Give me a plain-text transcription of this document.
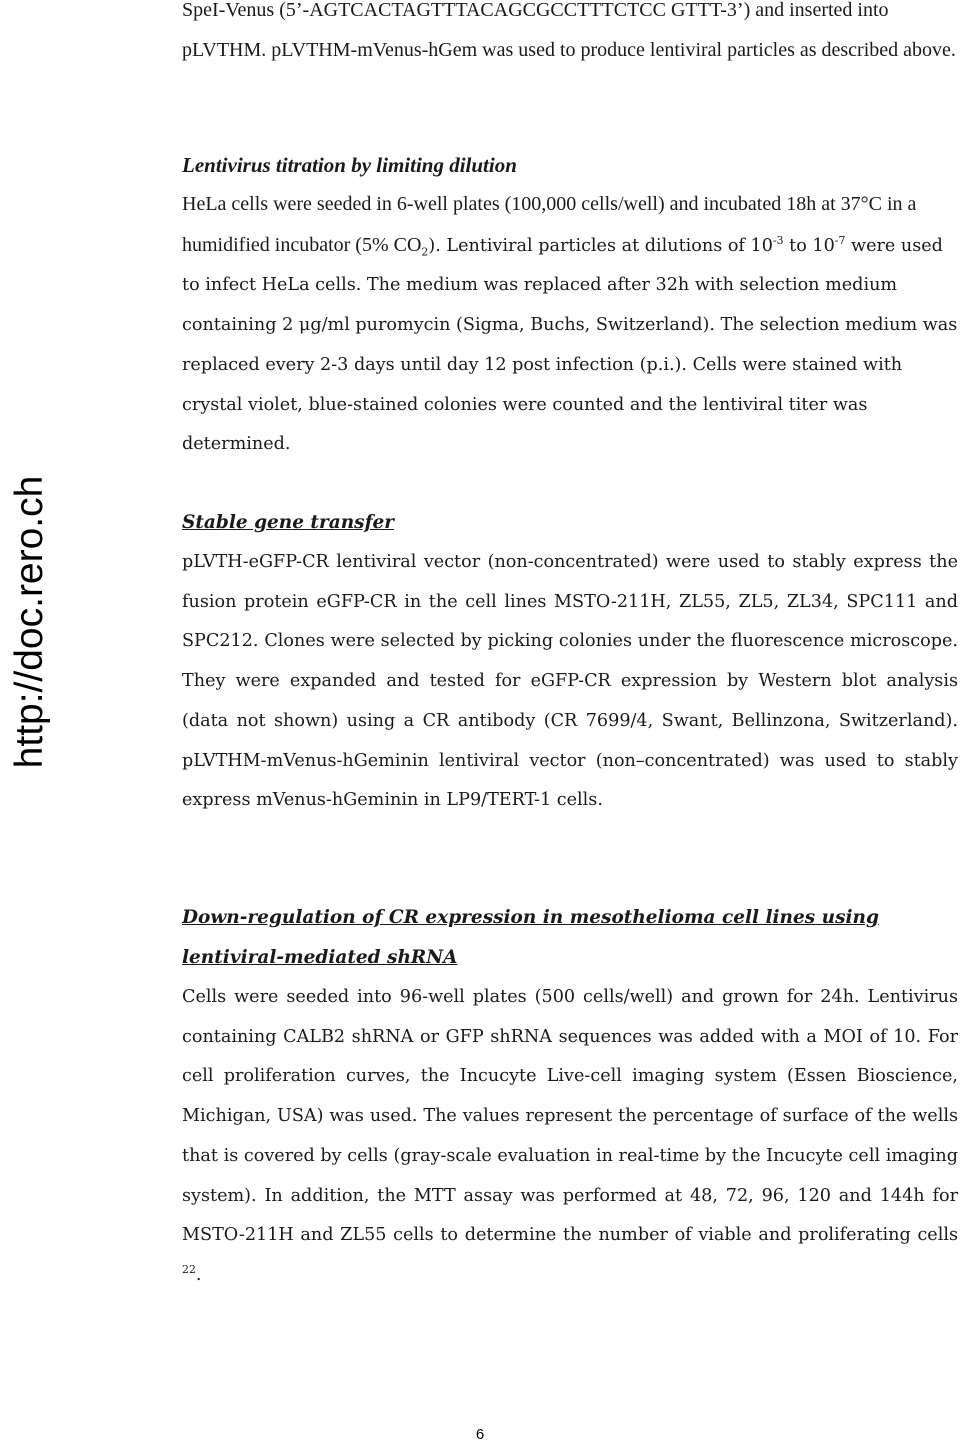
http://doc.rero.ch

SpeI-Venus (5’-AGTCACTAGTTTACAGCGCCTTTCTCC GTTT-3’) and inserted into pLVTHM. pLVTHM-mVenus-hGem was used to produce lentiviral particles as described above.

Lentivirus titration by limiting dilution

HeLa cells were seeded in 6-well plates (100,000 cells/well) and incubated 18h at 37°C in a humidified incubator (5% $CO_2$). Lentiviral particles at dilutions of $10^{-3}$ to $10^{-7}$ were used to infect HeLa cells. The medium was replaced after 32h with selection medium containing 2 μg/ml puromycin (Sigma, Buchs, Switzerland). The selection medium was replaced every 2-3 days until day 12 post infection (p.i.). Cells were stained with crystal violet, blue-stained colonies were counted and the lentiviral titer was determined.

Stable gene transfer

pLVTH-eGFP-CR lentiviral vector (non-concentrated) were used to stably express the fusion protein eGFP-CR in the cell lines MSTO-211H, ZL55, ZL5, ZL34, SPC111 and SPC212. Clones were selected by picking colonies under the fluorescence microscope. They were expanded and tested for eGFP-CR expression by Western blot analysis (data not shown) using a CR antibody (CR 7699/4, Swant, Bellinzona, Switzerland). pLVTHM-mVenus-hGeminin lentiviral vector (non–concentrated) was used to stably express mVenus-hGeminin in LP9/TERT-1 cells.

Down-regulation of CR expression in mesothelioma cell lines using lentiviral-mediated shRNA

Cells were seeded into 96-well plates (500 cells/well) and grown for 24h. Lentivirus containing CALB2 shRNA or GFP shRNA sequences was added with a MOI of 10. For cell proliferation curves, the Incucyte Live-cell imaging system (Essen Bioscience, Michigan, USA) was used. The values represent the percentage of surface of the wells that is covered by cells (gray-scale evaluation in real-time by the Incucyte cell imaging system). In addition, the MTT assay was performed at 48, 72, 96, 120 and 144h for MSTO-211H and ZL55 cells to determine the number of viable and proliferating cells $^{22}$.

6
